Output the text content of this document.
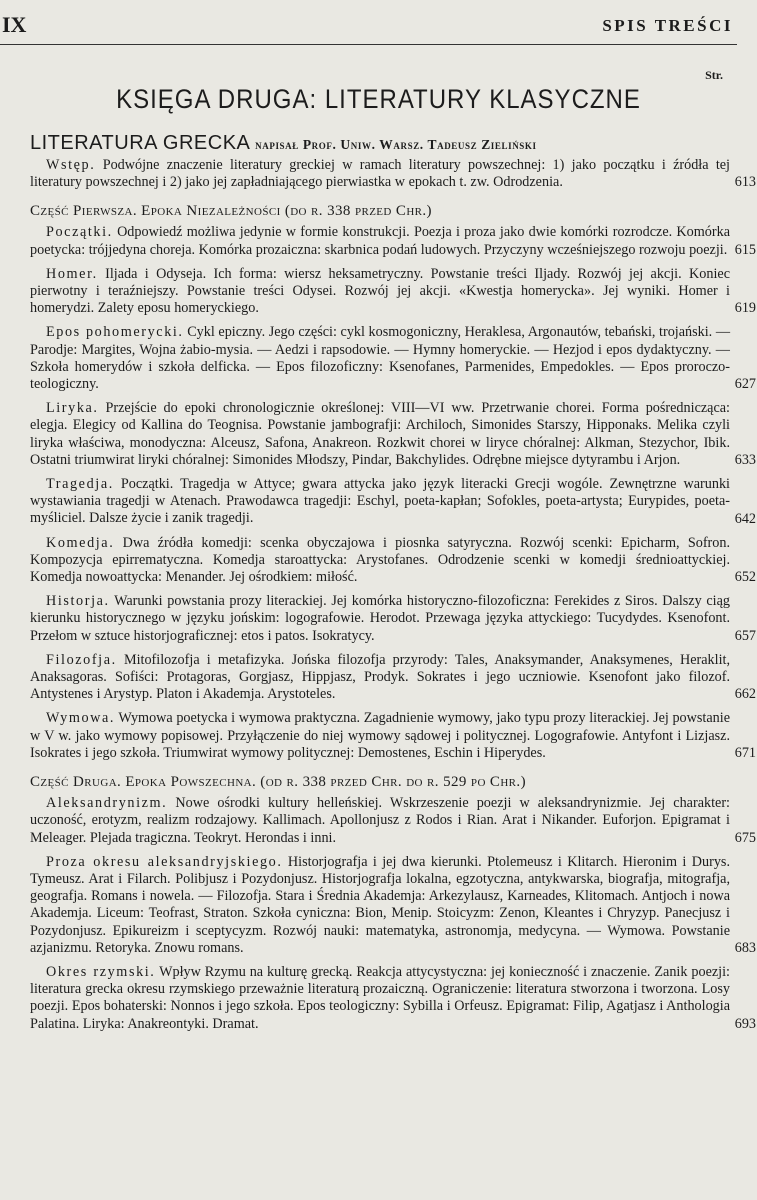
IX	SPIS TREŚCI
Str.
KSIĘGA DRUGA: LITERATURY KLASYCZNE
LITERATURA GRECKA napisał Prof. Uniw. Warsz. Tadeusz Zieliński
Wstęp. Podwójne znaczenie literatury greckiej w ramach literatury powszechnej: 1) jako początku i źródła tej literatury powszechnej i 2) jako jej zapładniającego pierwiastka w epokach t. zw. Odrodzenia.	613
Część Pierwsza. Epoka Niezależności (do r. 338 przed Chr.)
Początki. Odpowiedź możliwa jedynie w formie konstrukcji. Poezja i proza jako dwie komórki rozrodcze. Komórka poetycka: trójjedyna choreja. Komórka prozaiczna: skarbnica podań ludowych. Przyczyny wcześniejszego rozwoju poezji. 615
Homer. Iljada i Odyseja. Ich forma: wiersz heksametryczny. Powstanie treści Iljady. Rozwój jej akcji. Koniec pierwotny i teraźniejszy. Powstanie treści Odysei. Rozwój jej akcji. «Kwestja homerycka». Jej wyniki. Homer i homerydzi. Zalety eposu homeryckiego.	619
Epos pohomerycki. Cykl epiczny. Jego części: cykl kosmogoniczny, Heraklesa, Argonautów, tebański, trojański. — Parodje: Margites, Wojna żabio-mysia. — Aedzi i rapsodowie. — Hymny homeryckie. — Hezjod i epos dydaktyczny. — Szkoła homerydów i szkoła delficka. — Epos filozoficzny: Ksenofanes, Parmenides, Empedokles. — Epos proroczo-teologiczny.	627
Liryka. Przejście do epoki chronologicznie określonej: VIII—VI ww. Przetrwanie chorei. Forma pośrednicząca: elegja. Elegicy od Kallina do Teognisa. Powstanie jambografji: Archiloch, Simonides Starszy, Hipponaks. Melika czyli liryka właściwa, monodyczna: Alceusz, Safona, Anakreon. Rozkwit chorei w liryce chóralnej: Alkman, Stezychor, Ibik. Ostatni triumwirat liryki chóralnej: Simonides Młodszy, Pindar, Bakchylides. Odrębne miejsce dytyrambu i Arjon.	633
Tragedja. Początki. Tragedja w Attyce; gwara attycka jako język literacki Grecji wogóle. Zewnętrzne warunki wystawiania tragedji w Atenach. Prawodawca tragedji: Eschyl, poeta-kapłan; Sofokles, poeta-artysta; Eurypides, poeta-myśliciel. Dalsze życie i zanik tragedji.	642
Komedja. Dwa źródła komedji: scenka obyczajowa i piosnka satyryczna. Rozwój scenki: Epicharm, Sofron. Kompozycja epirrematyczna. Komedja staroattycka: Arystofanes. Odrodzenie scenki w komedji średnioattyckiej. Komedja nowoattycka: Menander. Jej ośrodkiem: miłość.	652
Historja. Warunki powstania prozy literackiej. Jej komórka historyczno-filozoficzna: Ferekides z Siros. Dalszy ciąg kierunku historycznego w języku jońskim: logografowie. Herodot. Przewaga języka attyckiego: Tucydydes. Ksenofont. Przełom w sztuce historjograficznej: etos i patos. Isokratycy.	657
Filozofja. Mitofilozofja i metafizyka. Jońska filozofja przyrody: Tales, Anaksymander, Anaksymenes, Heraklit, Anaksagoras. Sofiści: Protagoras, Gorgjasz, Hippjasz, Prodyk. Sokrates i jego uczniowie. Ksenofont jako filozof. Antystenes i Arystyp. Platon i Akademja. Arystoteles.	662
Wymowa. Wymowa poetycka i wymowa praktyczna. Zagadnienie wymowy, jako typu prozy literackiej. Jej powstanie w V w. jako wymowy popisowej. Przyłączenie do niej wymowy sądowej i politycznej. Logografowie. Antyfont i Lizjasz. Isokrates i jego szkoła. Triumwirat wymowy politycznej: Demostenes, Eschin i Hiperydes.	671
Część Druga. Epoka Powszechna. (od r. 338 przed Chr. do r. 529 po Chr.)
Aleksandrynizm. Nowe ośrodki kultury helleńskiej. Wskrzeszenie poezji w aleksandrynizmie. Jej charakter: uczoność, erotyzm, realizm rodzajowy. Kallimach. Apollonjusz z Rodos i Rian. Arat i Nikander. Euforjon. Epigramat i Meleager. Plejada tragiczna. Teokryt. Herondas i inni.	675
Proza okresu aleksandryjskiego. Historjografja i jej dwa kierunki. Ptolemeusz i Klitarch. Hieronim i Durys. Tymeusz. Arat i Filarch. Polibjusz i Pozydonjusz. Historjografja lokalna, egzotyczna, antykwarska, biografja, mitografja, geografja. Romans i nowela. — Filozofja. Stara i Średnia Akademja: Arkezylausz, Karneades, Klitomach. Antjoch i nowa Akademja. Liceum: Teofrast, Straton. Szkoła cyniczna: Bion, Menip. Stoicyzm: Zenon, Kleantes i Chryzyp. Panecjusz i Pozydonjusz. Epikureizm i sceptycyzm. Rozwój nauki: matematyka, astronomja, medycyna. — Wymowa. Powstanie azjanizmu. Retoryka. Znowu romans.	683
Okres rzymski. Wpływ Rzymu na kulturę grecką. Reakcja attycystyczna: jej konieczność i znaczenie. Zanik poezji: literatura grecka okresu rzymskiego przeważnie literaturą prozaiczną. Ograniczenie: literatura stworzona i tworzona. Losy poezji. Epos bohaterski: Nonnos i jego szkoła. Epos teologiczny: Sybilla i Orfeusz. Epigramat: Filip, Agatjasz i Anthologia Palatina. Liryka: Anakreontyki. Dramat.	693
